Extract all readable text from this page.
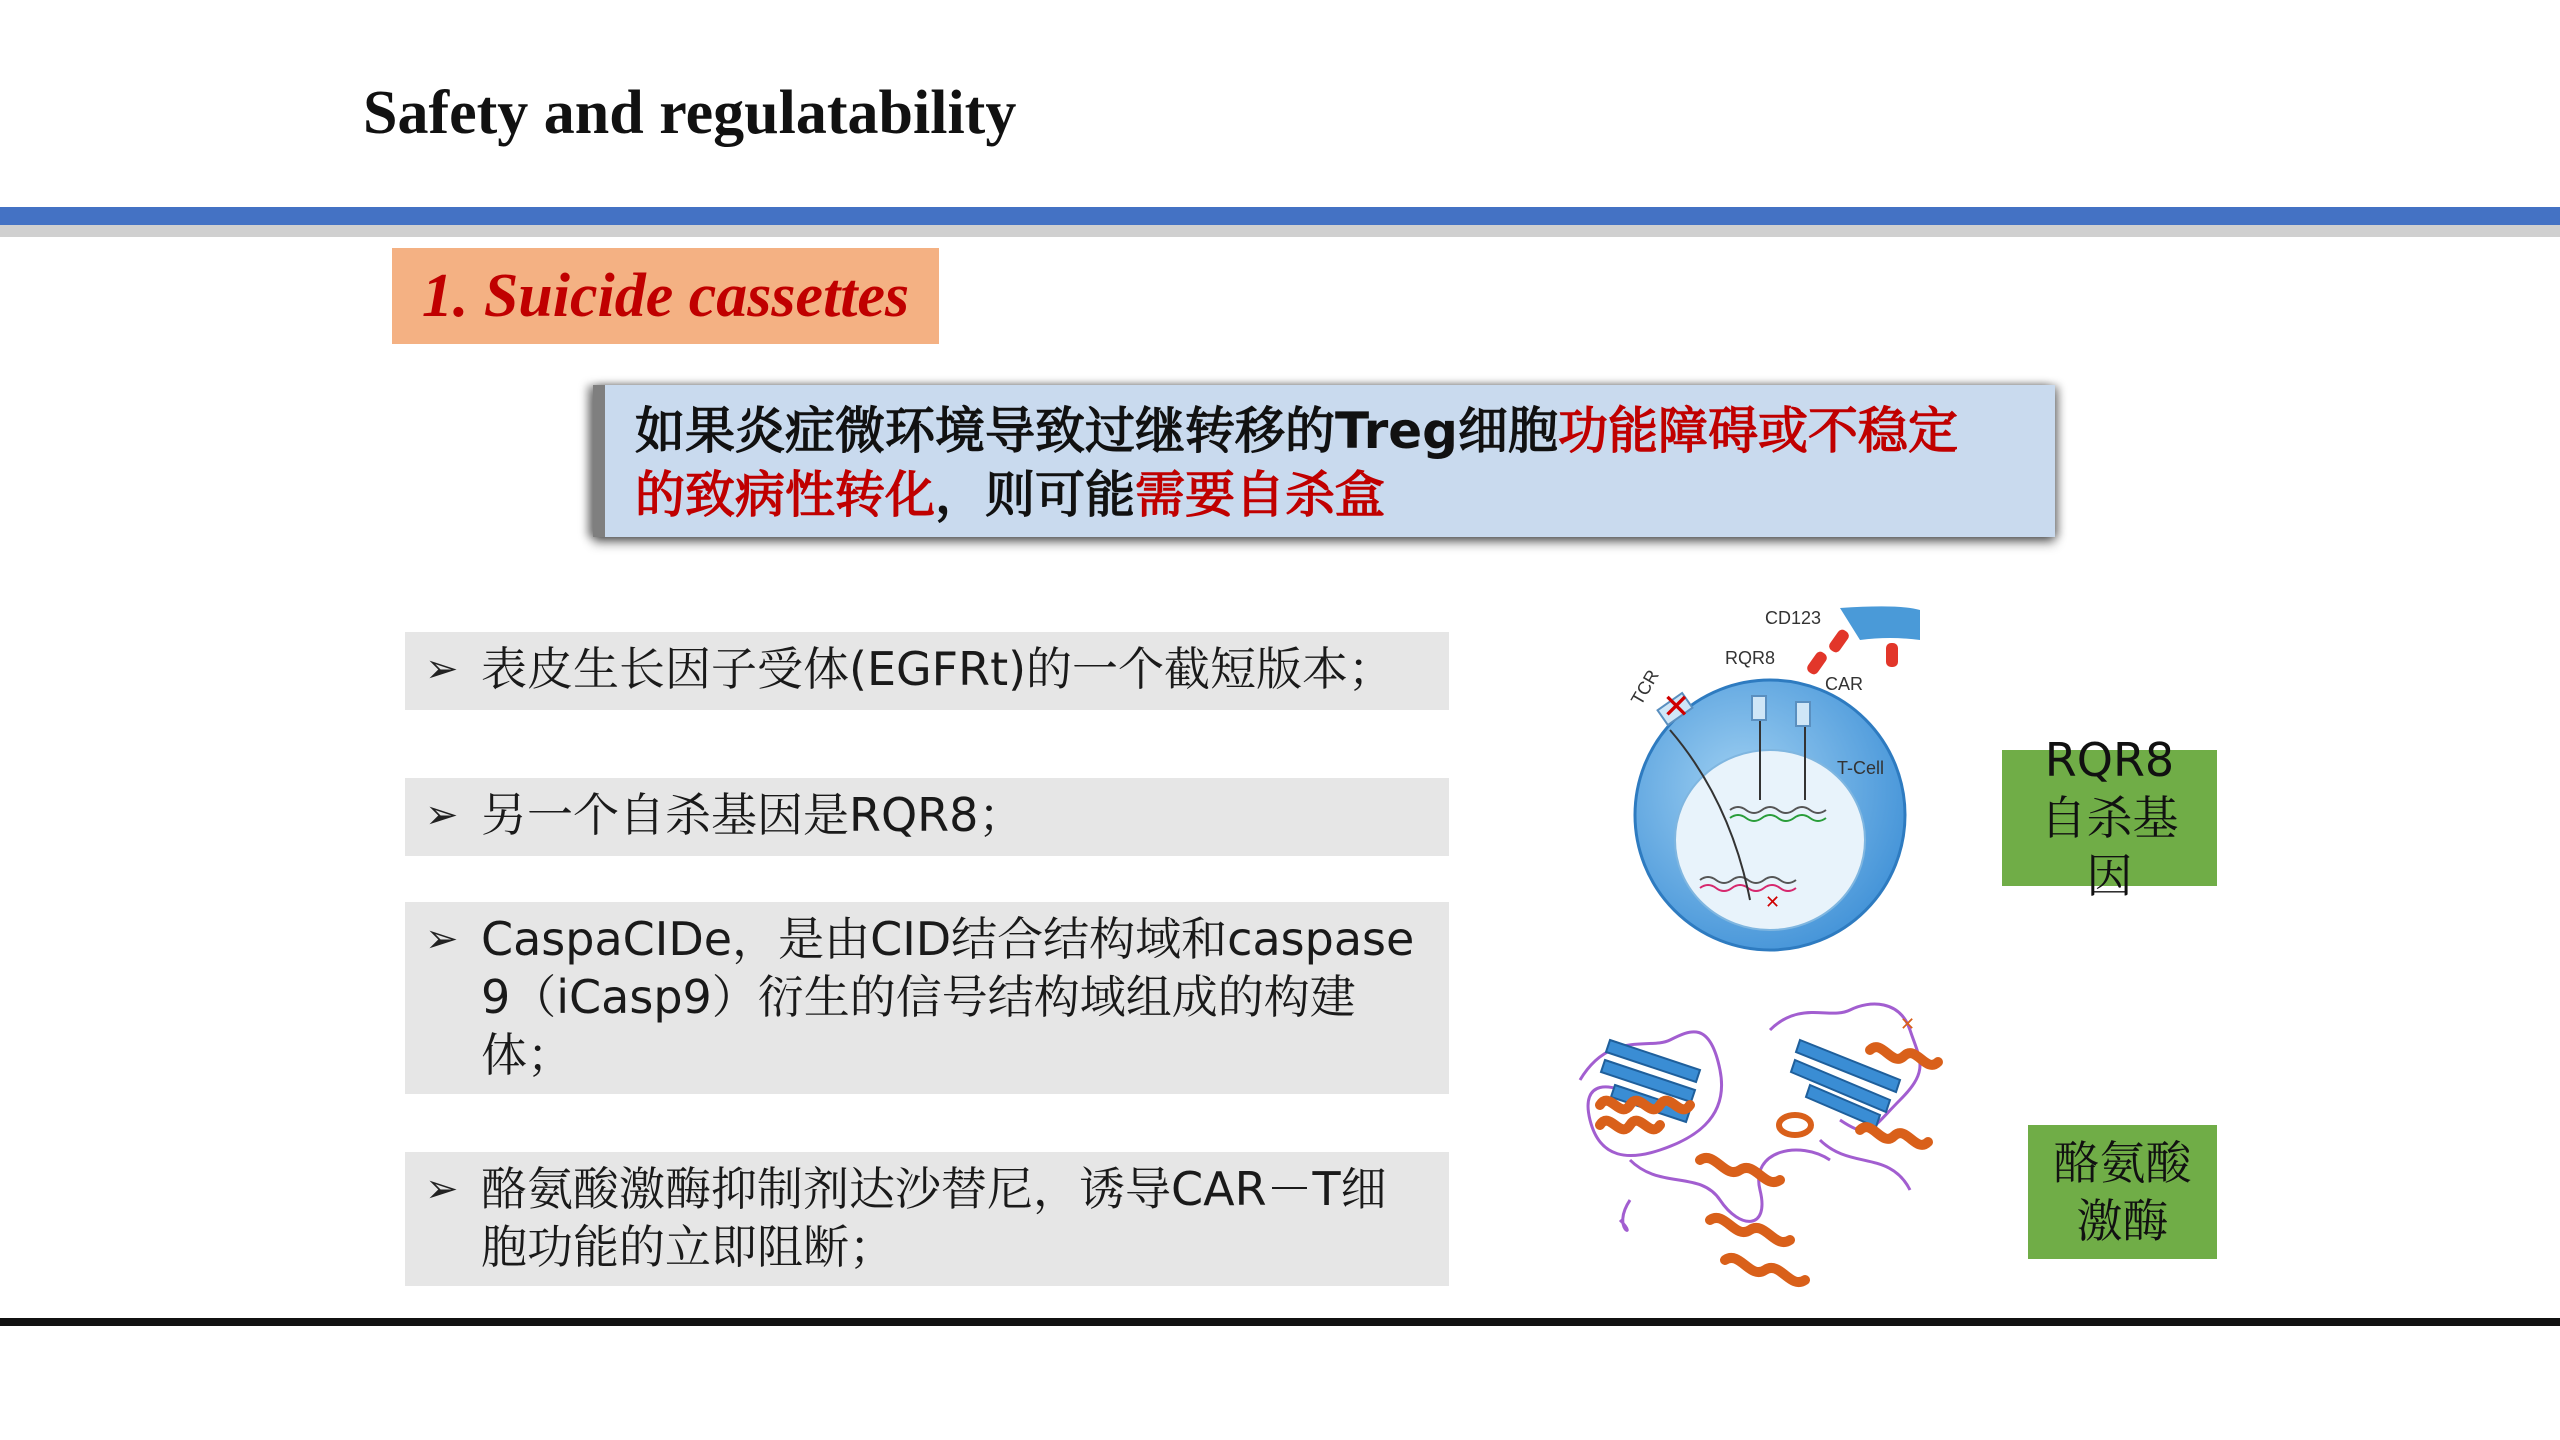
Safety and regulatability
1. Suicide cassettes

如果炎症微环境导致过继转移的Treg细胞功能障碍或不稳定

的致病性转化，则可能需要自杀盒

➢ 表皮生长因子受体(EGFRt)的一个截短版本；
➢ 另一个自杀基因是RQR8；
➢ CaspaCIDe，是由CID结合结构域和caspase 9（iCasp9）衍生的信号结构域组成的构建体；
➢ 酪氨酸激酶抑制剂达沙替尼，诱导CAR－T细胞功能的立即阻断；
✕
✕
CD123
RQR8
CAR
TCR
T-Cell	RQR8自杀基因
✕
酪氨酸激酶
